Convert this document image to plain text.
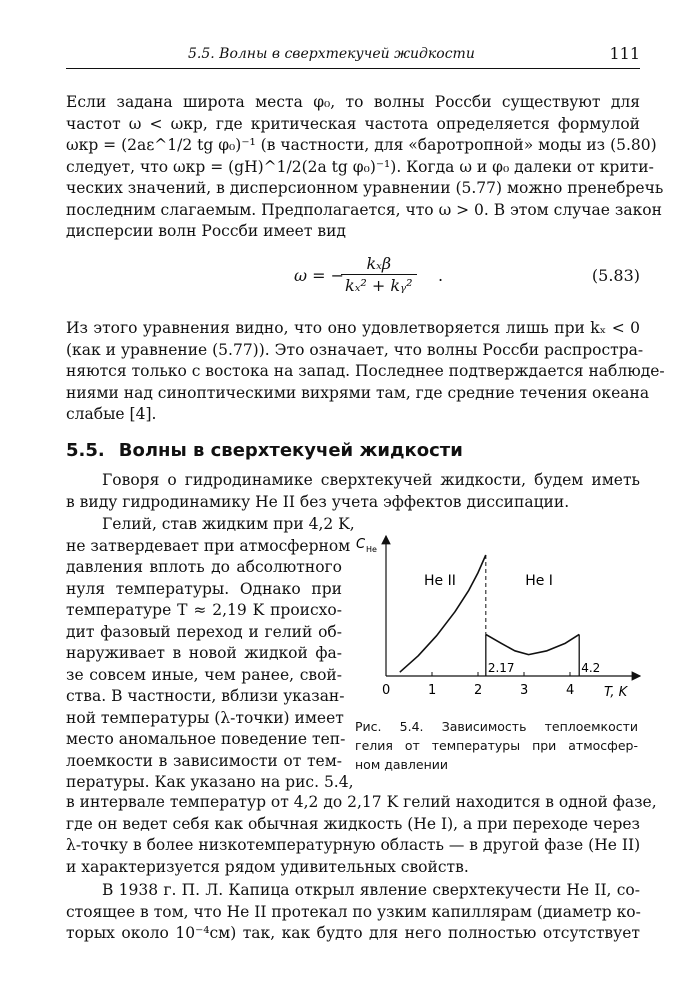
5.5. Волны в сверхтекучей жидкости	111
Если задана широта места φ₀, то волны Россби существуют для
частот ω < ωкр, где критическая частота определяется формулой
ωкр = (2aε^1/2 tg φ₀)⁻¹ (в частности, для «баротропной» моды из (5.80)
следует, что ωкр = (gH)^1/2(2a tg φ₀)⁻¹). Когда ω и φ₀ далеки от крити-
ческих значений, в дисперсионном уравнении (5.77) можно пренебречь
последним слагаемым. Предполагается, что ω > 0. В этом случае закон
дисперсии волн Россби имеет вид
ω = −
kₓβ
kₓ² + kᵧ²
.	(5.83)
Из этого уравнения видно, что оно удовлетворяется лишь при kₓ < 0
(как и уравнение (5.77)). Это означает, что волны Россби распростра-
няются только с востока на запад. Последнее подтверждается наблюде-
ниями над синоптическими вихрями там, где средние течения океана
слабые [4].
5.5. Волны в сверхтекучей жидкости
Говоря о гидродинамике сверхтекучей жидкости, будем иметь
в виду гидродинамику He II без учета эффектов диссипации.
Гелий, став жидким при 4,2 K,
не затвердевает при атмосферном
давления вплоть до абсолютного
нуля температуры. Однако при
температуре T ≈ 2,19 K происхо-
дит фазовый переход и гелий об-
наруживает в новой жидкой фа-
зе совсем иные, чем ранее, свой-
ства. В частности, вблизи указан-
ной температуры (λ-точки) имеет
место аномальное поведение теп-
лоемкости в зависимости от тем-
пературы. Как указано на рис. 5.4,
C He
T, K
0	1	2	3	4
2.17	4.2
He II	He I
Рис. 5.4. Зависимость теплоемкости
гелия от температуры при атмосфер-
ном давлении
в интервале температур от 4,2 до 2,17 K гелий находится в одной фазе,
где он ведет себя как обычная жидкость (He I), а при переходе через
λ-точку в более низкотемпературную область — в другой фазе (He II)
и характеризуется рядом удивительных свойств.
В 1938 г. П. Л. Капица открыл явление сверхтекучести He II, со-
стоящее в том, что He II протекал по узким капиллярам (диаметр ко-
торых около 10⁻⁴см) так, как будто для него полностью отсутствует
